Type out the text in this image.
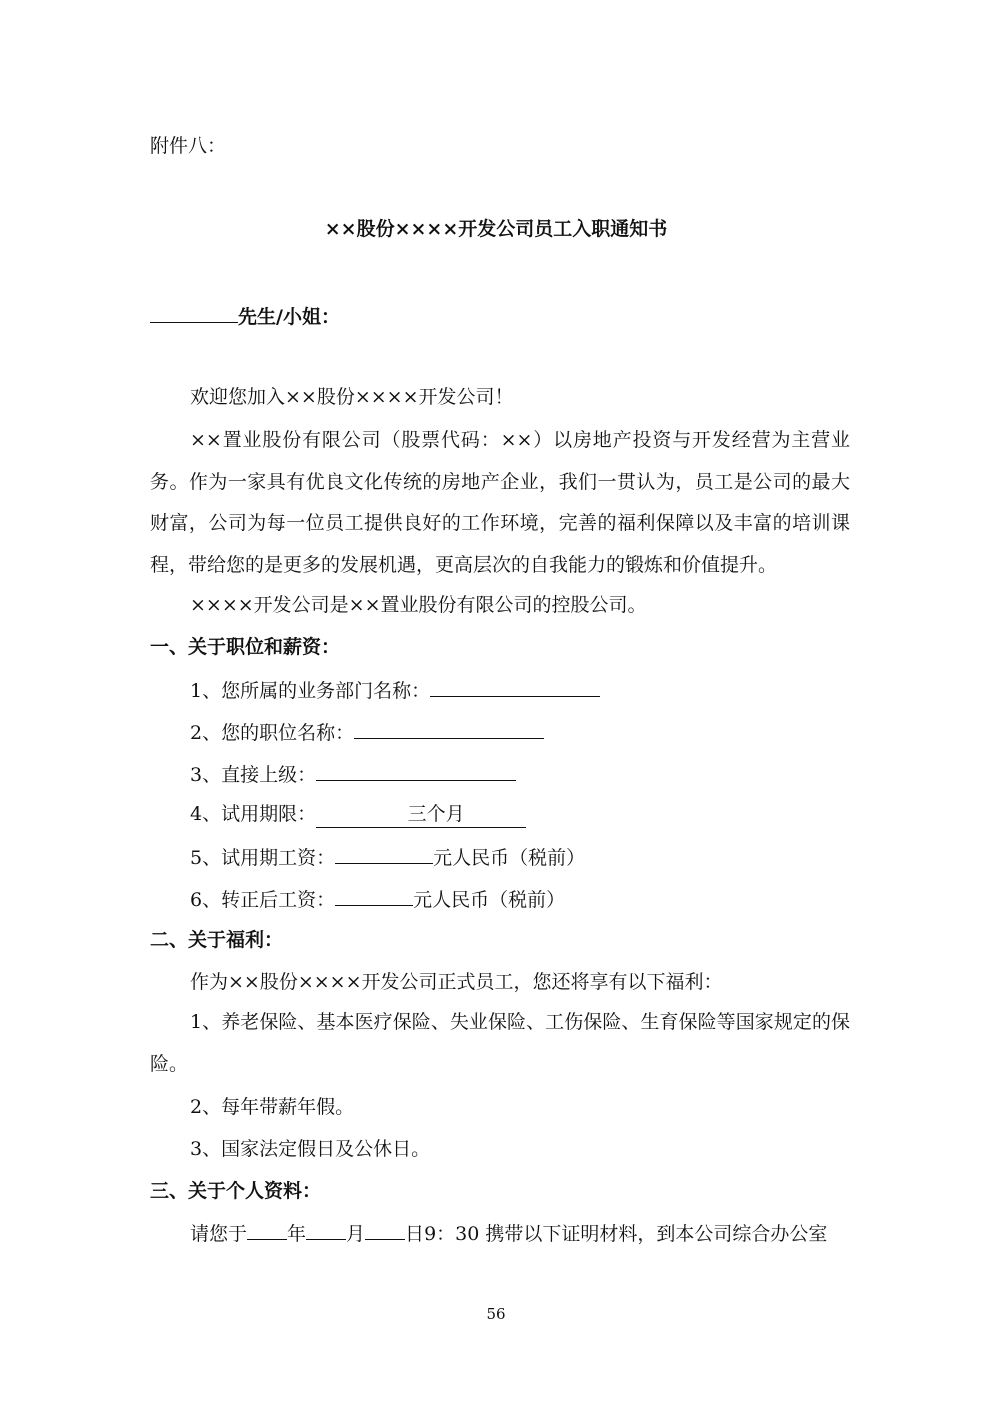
附件八：
××股份××××开发公司员工入职通知书
先生/小姐：
欢迎您加入××股份××××开发公司！
××置业股份有限公司（股票代码：××）以房地产投资与开发经营为主营业务。作为一家具有优良文化传统的房地产企业，我们一贯认为，员工是公司的最大财富，公司为每一位员工提供良好的工作环境，完善的福利保障以及丰富的培训课程，带给您的是更多的发展机遇，更高层次的自我能力的锻炼和价值提升。
××××开发公司是××置业股份有限公司的控股公司。
一、关于职位和薪资：
1、您所属的业务部门名称：
2、您的职位名称：
3、直接上级：
4、试用期限：	三个月
5、试用期工资：	元人民币（税前）
6、转正后工资：	元人民币（税前）
二、关于福利：
作为××股份××××开发公司正式员工，您还将享有以下福利：
1、养老保险、基本医疗保险、失业保险、工伤保险、生育保险等国家规定的保险。
2、每年带薪年假。
3、国家法定假日及公休日。
三、关于个人资料：
请您于 年 月 日9：30 携带以下证明材料，到本公司综合办公室
56
